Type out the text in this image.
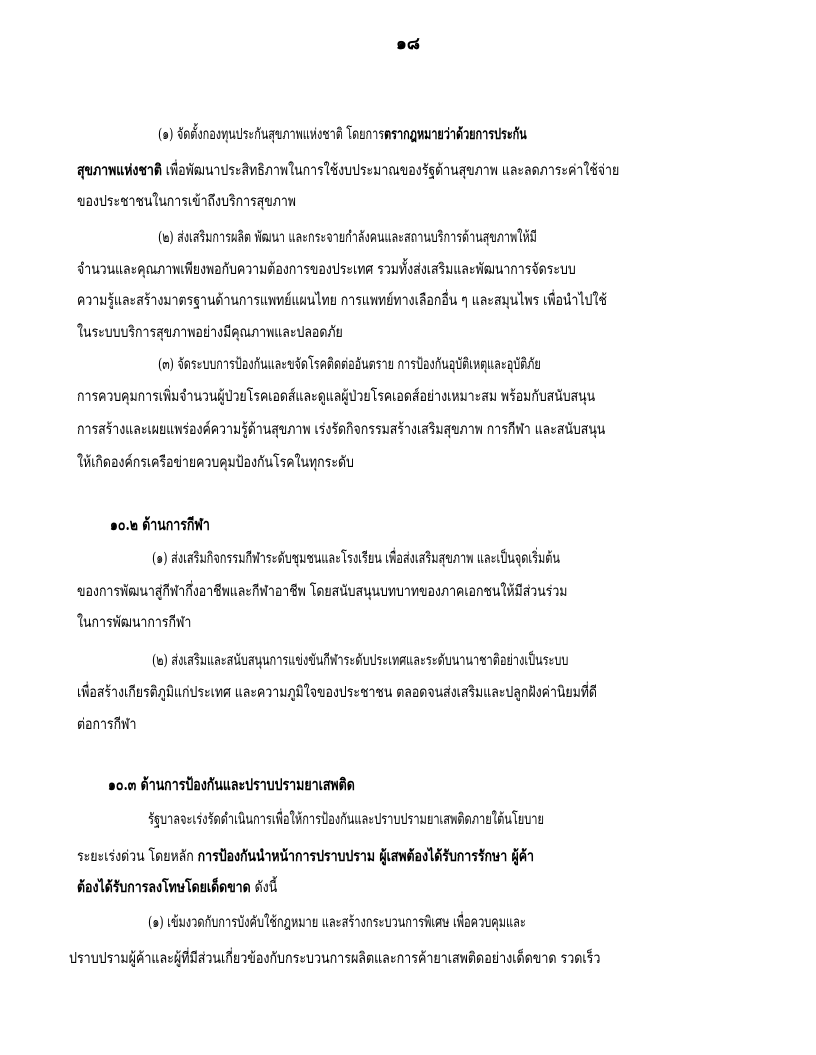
๑๘
(๑) จัดตั้งกองทุนประกันสุขภาพแห่งชาติ โดยการตรากฎหมายว่าด้วยการประกัน
สุขภาพแห่งชาติ เพื่อพัฒนาประสิทธิภาพในการใช้งบประมาณของรัฐด้านสุขภาพ และลดภาระค่าใช้จ่าย
ของประชาชนในการเข้าถึงบริการสุขภาพ
(๒) ส่งเสริมการผลิต พัฒนา และกระจายกำลังคนและสถานบริการด้านสุขภาพให้มี
จำนวนและคุณภาพเพียงพอกับความต้องการของประเทศ รวมทั้งส่งเสริมและพัฒนาการจัดระบบ
ความรู้และสร้างมาตรฐานด้านการแพทย์แผนไทย การแพทย์ทางเลือกอื่น ๆ และสมุนไพร เพื่อนำไปใช้
ในระบบบริการสุขภาพอย่างมีคุณภาพและปลอดภัย
(๓) จัดระบบการป้องกันและขจัดโรคติดต่ออันตราย การป้องกันอุบัติเหตุและอุบัติภัย
การควบคุมการเพิ่มจำนวนผู้ป่วยโรคเอดส์และดูแลผู้ป่วยโรคเอดส์อย่างเหมาะสม พร้อมกับสนับสนุน
การสร้างและเผยแพร่องค์ความรู้ด้านสุขภาพ เร่งรัดกิจกรรมสร้างเสริมสุขภาพ การกีฬา และสนับสนุน
ให้เกิดองค์กรเครือข่ายควบคุมป้องกันโรคในทุกระดับ
๑๐.๒ ด้านการกีฬา
(๑) ส่งเสริมกิจกรรมกีฬาระดับชุมชนและโรงเรียน เพื่อส่งเสริมสุขภาพ และเป็นจุดเริ่มต้น
ของการพัฒนาสู่กีฬากึ่งอาชีพและกีฬาอาชีพ โดยสนับสนุนบทบาทของภาคเอกชนให้มีส่วนร่วม
ในการพัฒนาการกีฬา
(๒) ส่งเสริมและสนับสนุนการแข่งขันกีฬาระดับประเทศและระดับนานาชาติอย่างเป็นระบบ
เพื่อสร้างเกียรติภูมิแก่ประเทศ และความภูมิใจของประชาชน ตลอดจนส่งเสริมและปลูกฝังค่านิยมที่ดี
ต่อการกีฬา
๑๐.๓ ด้านการป้องกันและปราบปรามยาเสพติด
รัฐบาลจะเร่งรัดดำเนินการเพื่อให้การป้องกันและปราบปรามยาเสพติดภายใต้นโยบาย
ระยะเร่งด่วน โดยหลัก การป้องกันนำหน้าการปราบปราม ผู้เสพต้องได้รับการรักษา ผู้ค้า
ต้องได้รับการลงโทษโดยเด็ดขาด ดังนี้
(๑) เข้มงวดกับการบังคับใช้กฎหมาย และสร้างกระบวนการพิเศษ เพื่อควบคุมและ
ปราบปรามผู้ค้าและผู้ที่มีส่วนเกี่ยวข้องกับกระบวนการผลิตและการค้ายาเสพติดอย่างเด็ดขาด รวดเร็ว
